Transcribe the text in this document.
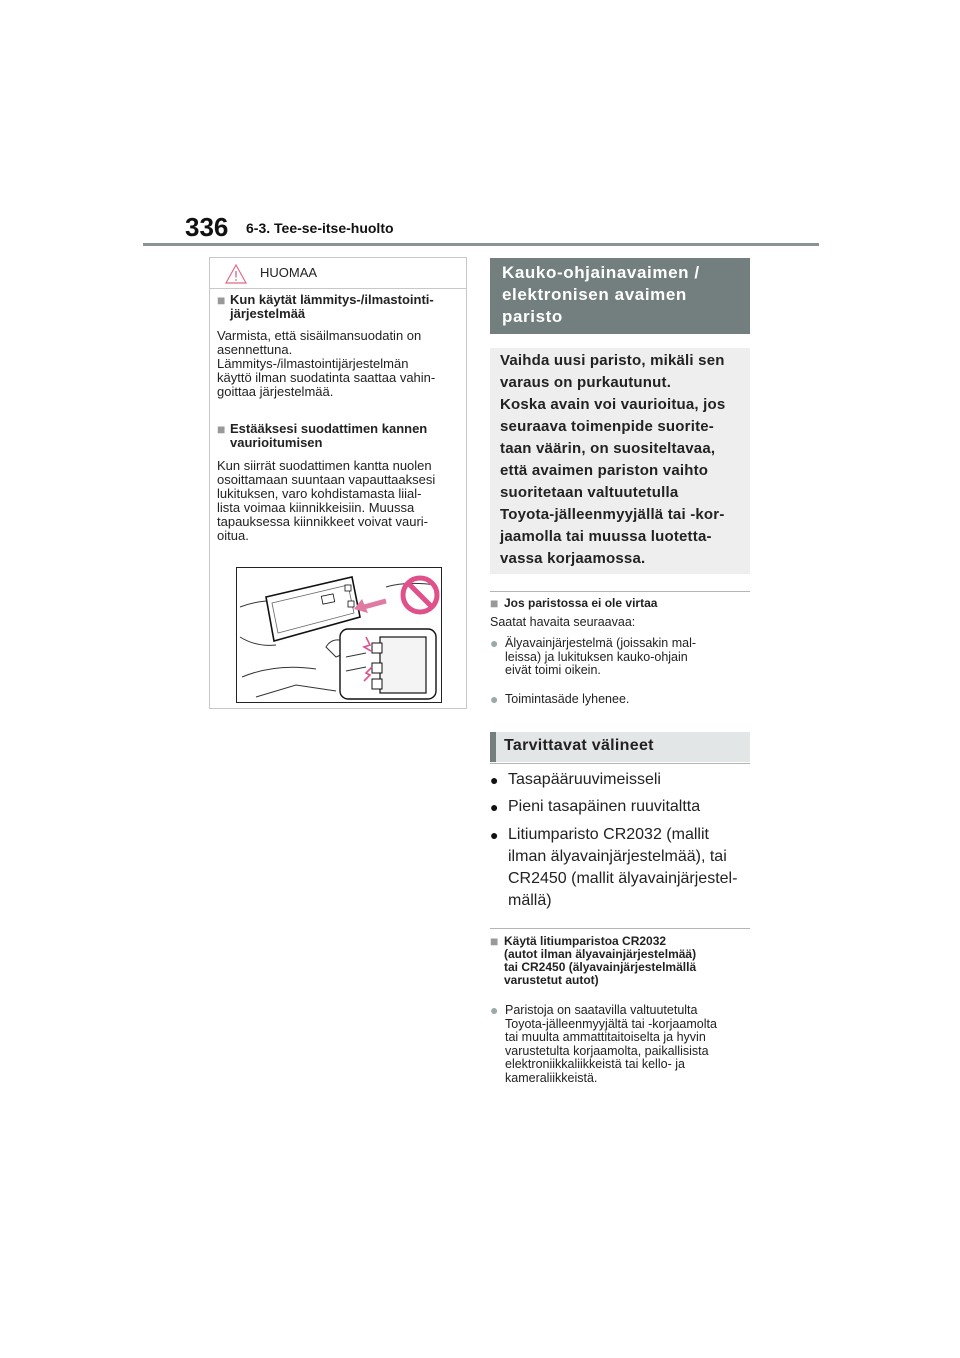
336 6-3. Tee-se-itse-huolto
HUOMAA
■ Kun käytät lämmitys-/ilmastointi-
järjestelmää
Varmista, että sisäilmansuodatin on
asennettuna.
Lämmitys-/ilmastointijärjestelmän
käyttö ilman suodatinta saattaa vahin-
goittaa järjestelmää.
■ Estääksesi suodattimen kannen
vaurioitumisen
Kun siirrät suodattimen kantta nuolen
osoittamaan suuntaan vapauttaaksesi
lukituksen, varo kohdistamasta liial-
lista voimaa kiinnikkeisiin. Muussa
tapauksessa kiinnikkeet voivat vauri-
oitua.
Kauko-ohjainavaimen /
elektronisen avaimen
paristo
Vaihda uusi paristo, mikäli sen
varaus on purkautunut.
Koska avain voi vaurioitua, jos
seuraava toimenpide suorite-
taan väärin, on suositeltavaa,
että avaimen pariston vaihto
suoritetaan valtuutetulla
Toyota-jälleenmyyjällä tai -kor-
jaamolla tai muussa luotetta-
vassa korjaamossa.
■ Jos paristossa ei ole virtaa
Saatat havaita seuraavaa:
● Älyavainjärjestelmä (joissakin mal-
leissa) ja lukituksen kauko-ohjain
eivät toimi oikein.
● Toimintasäde lyhenee.
Tarvittavat välineet
● Tasapääruuvimeisseli
● Pieni tasapäinen ruuvitaltta
● Litiumparisto CR2032 (mallit
ilman älyavainjärjestelmää), tai
CR2450 (mallit älyavainjärjestel-
mällä)
■ Käytä litiumparistoa CR2032
(autot ilman älyavainjärjestelmää)
tai CR2450 (älyavainjärjestelmällä
varustetut autot)
● Paristoja on saatavilla valtuutetulta
Toyota-jälleenmyyjältä tai -korjaamolta
tai muulta ammattitaitoiselta ja hyvin
varustetulta korjaamolta, paikallisista
elektroniikkaliikkeistä tai kello- ja
kameraliikkeistä.
